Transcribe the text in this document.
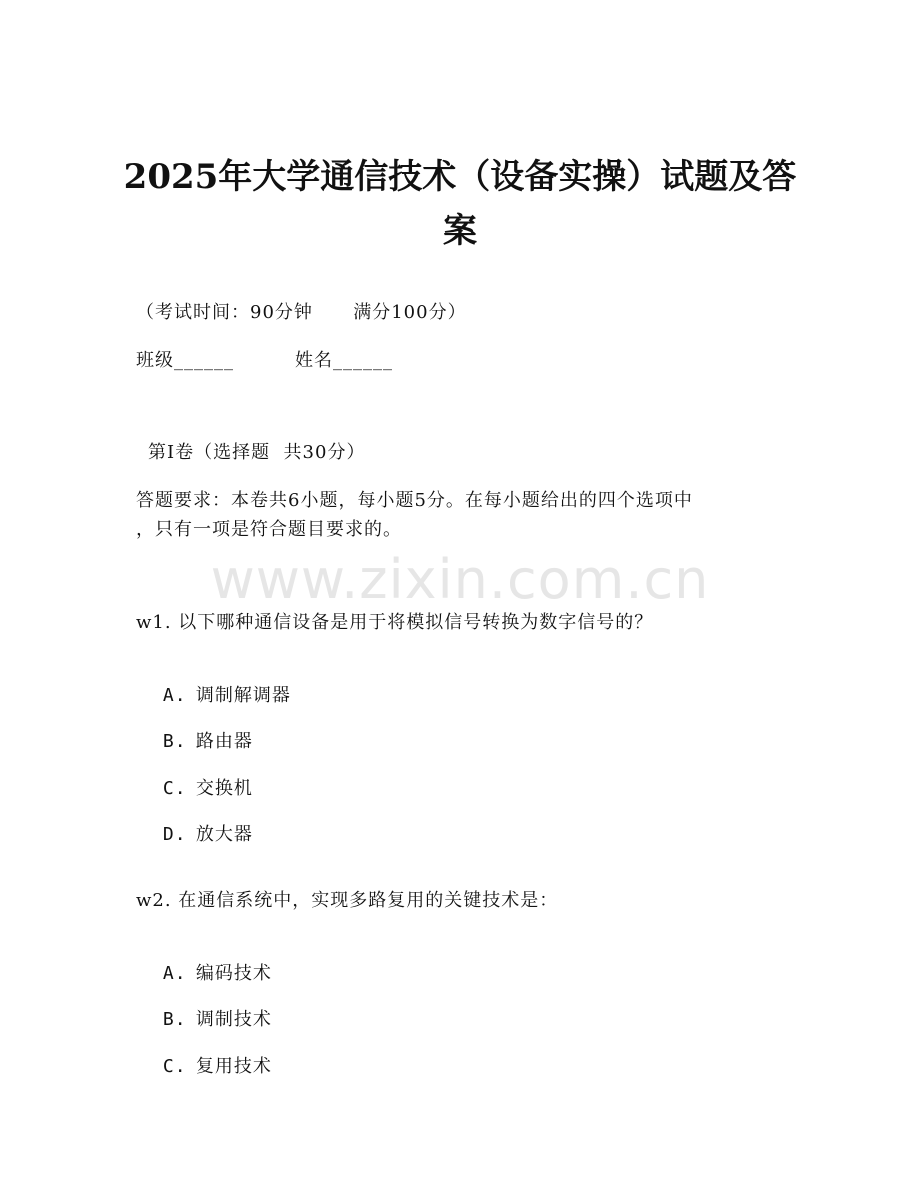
www.zixin.com.cn
2025年大学通信技术（设备实操）试题及答案
（考试时间：90分钟      满分100分）
班级______	姓名______
第I卷（选择题  共30分）
答题要求：本卷共6小题，每小题5分。在每小题给出的四个选项中
，只有一项是符合题目要求的。
w1. 以下哪种通信设备是用于将模拟信号转换为数字信号的？

A. 调制解调器

B. 路由器

C. 交换机

D. 放大器

w2. 在通信系统中，实现多路复用的关键技术是：

A. 编码技术

B. 调制技术

C. 复用技术
